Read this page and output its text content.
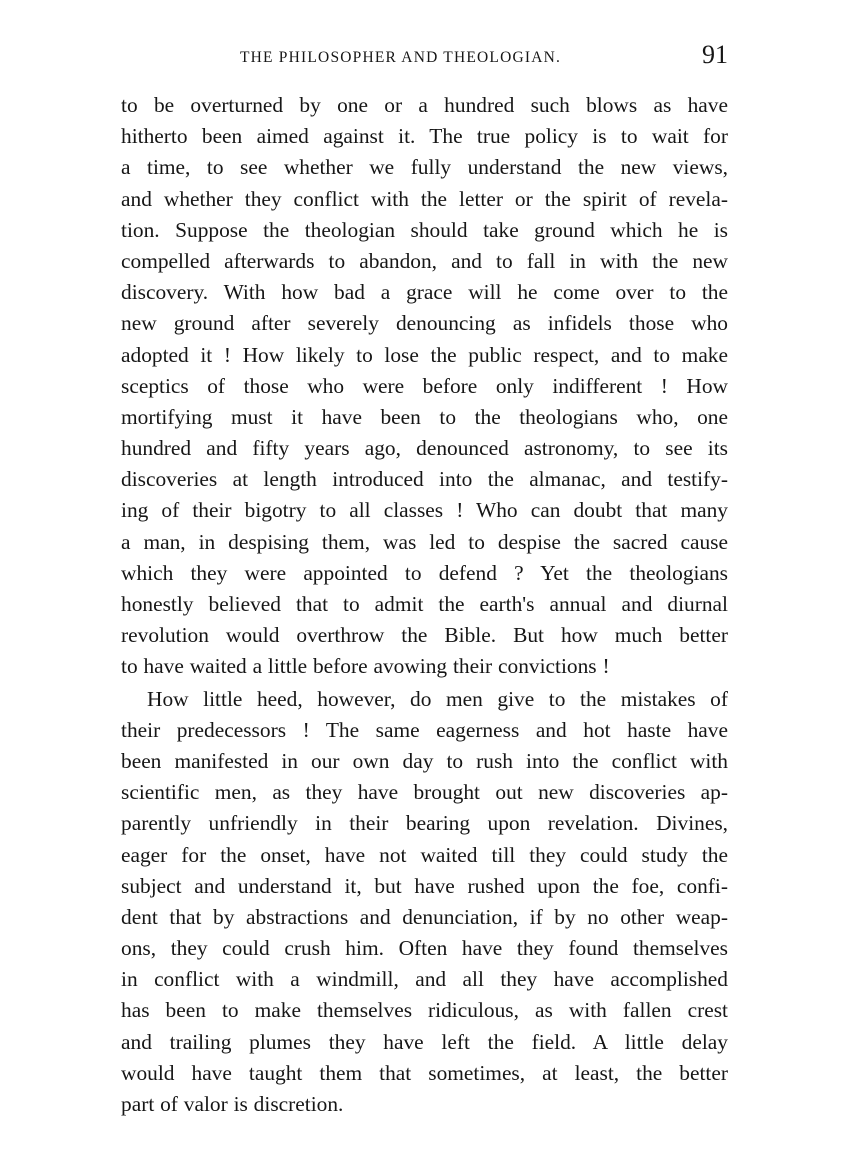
THE PHILOSOPHER AND THEOLOGIAN.	91
to be overturned by one or a hundred such blows as have
hitherto been aimed against it. The true policy is to wait for
a time, to see whether we fully understand the new views,
and whether they conflict with the letter or the spirit of revela-
tion. Suppose the theologian should take ground which he is
compelled afterwards to abandon, and to fall in with the new
discovery. With how bad a grace will he come over to the
new ground after severely denouncing as infidels those who
adopted it ! How likely to lose the public respect, and to make
sceptics of those who were before only indifferent ! How
mortifying must it have been to the theologians who, one
hundred and fifty years ago, denounced astronomy, to see its
discoveries at length introduced into the almanac, and testify-
ing of their bigotry to all classes ! Who can doubt that many
a man, in despising them, was led to despise the sacred cause
which they were appointed to defend ? Yet the theologians
honestly believed that to admit the earth's annual and diurnal
revolution would overthrow the Bible. But how much better
to have waited a little before avowing their convictions !
How little heed, however, do men give to the mistakes of
their predecessors ! The same eagerness and hot haste have
been manifested in our own day to rush into the conflict with
scientific men, as they have brought out new discoveries ap-
parently unfriendly in their bearing upon revelation. Divines,
eager for the onset, have not waited till they could study the
subject and understand it, but have rushed upon the foe, confi-
dent that by abstractions and denunciation, if by no other weap-
ons, they could crush him. Often have they found themselves
in conflict with a windmill, and all they have accomplished
has been to make themselves ridiculous, as with fallen crest
and trailing plumes they have left the field. A little delay
would have taught them that sometimes, at least, the better
part of valor is discretion.
